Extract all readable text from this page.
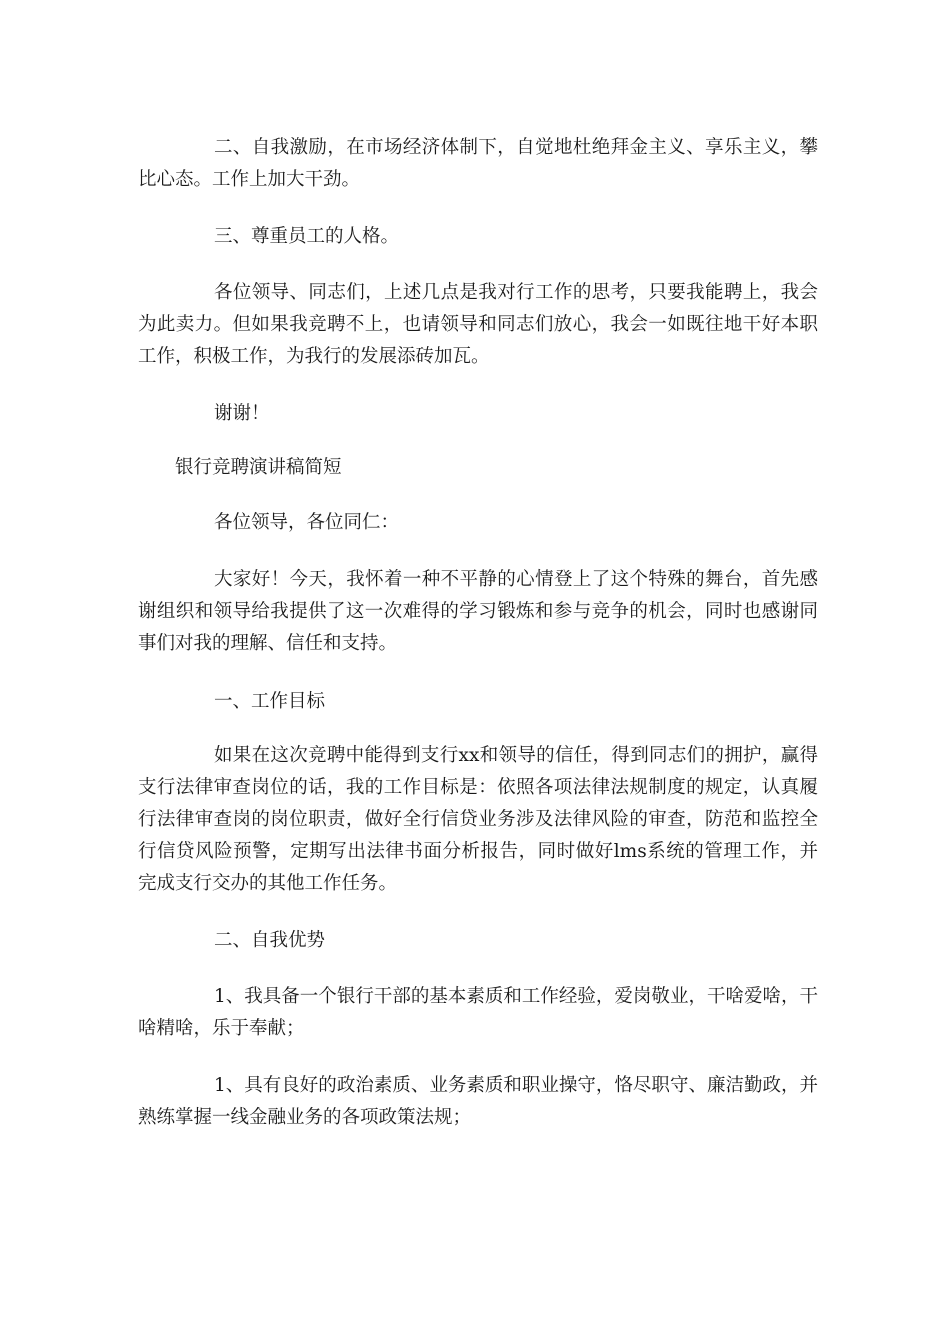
二、自我激励，在市场经济体制下，自觉地杜绝拜金主义、享乐主义，攀比心态。工作上加大干劲。

三、尊重员工的人格。

各位领导、同志们，上述几点是我对行工作的思考，只要我能聘上，我会为此卖力。但如果我竞聘不上，也请领导和同志们放心，我会一如既往地干好本职工作，积极工作，为我行的发展添砖加瓦。

谢谢！

银行竞聘演讲稿简短

各位领导，各位同仁：

大家好！今天，我怀着一种不平静的心情登上了这个特殊的舞台，首先感谢组织和领导给我提供了这一次难得的学习锻炼和参与竞争的机会，同时也感谢同事们对我的理解、信任和支持。

一、工作目标

如果在这次竞聘中能得到支行xx和领导的信任，得到同志们的拥护，赢得支行法律审查岗位的话，我的工作目标是：依照各项法律法规制度的规定，认真履行法律审查岗的岗位职责，做好全行信贷业务涉及法律风险的审查，防范和监控全行信贷风险预警，定期写出法律书面分析报告，同时做好lms系统的管理工作，并完成支行交办的其他工作任务。

二、自我优势

1、我具备一个银行干部的基本素质和工作经验，爱岗敬业，干啥爱啥，干啥精啥，乐于奉献；

1、具有良好的政治素质、业务素质和职业操守，恪尽职守、廉洁勤政，并熟练掌握一线金融业务的各项政策法规；
